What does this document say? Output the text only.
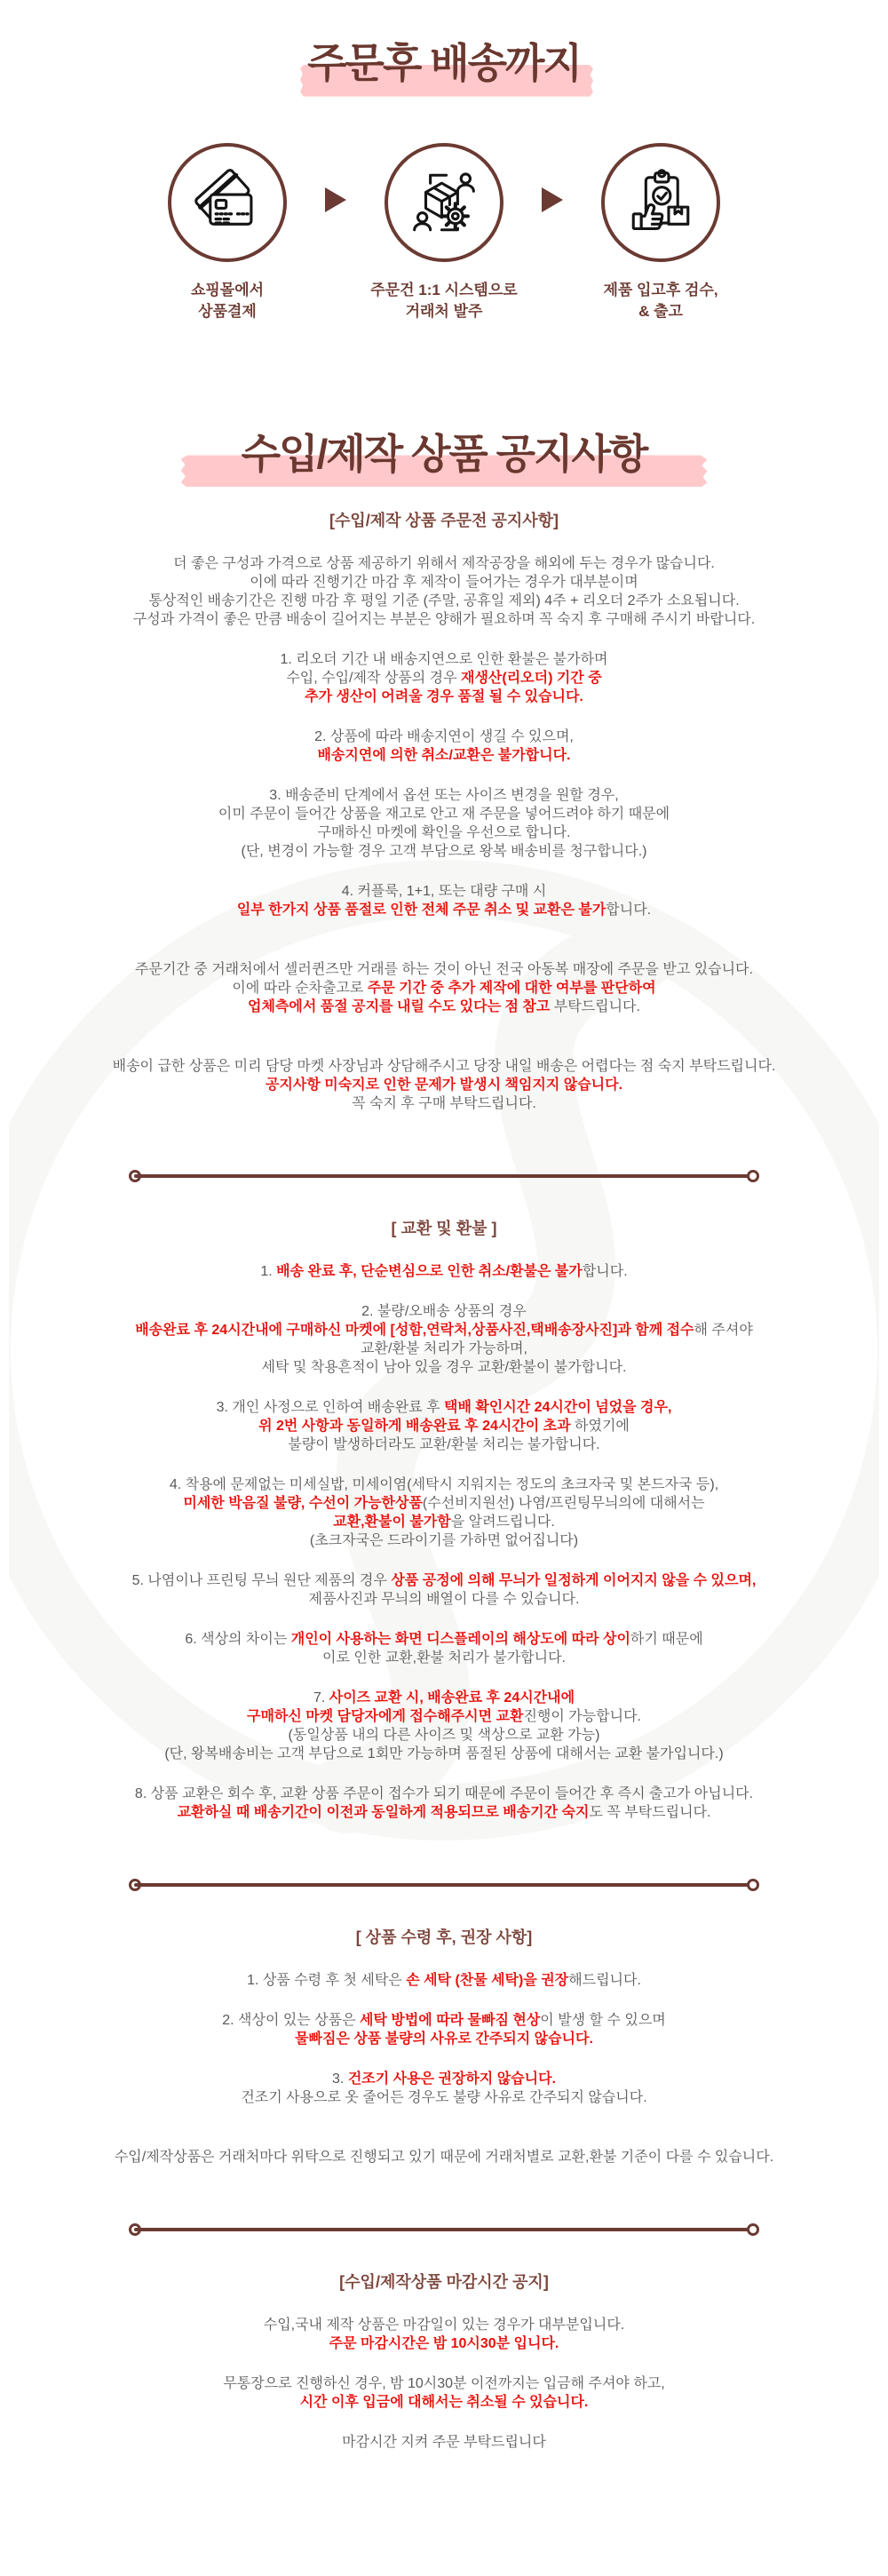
주문후 배송까지
쇼핑몰에서
상품결제
주문건 1:1 시스템으로
거래처 발주
제품 입고후 검수,
& 출고
수입/제작 상품 공지사항
[수입/제작 상품 주문전 공지사항]
더 좋은 구성과 가격으로 상품 제공하기 위해서 제작공장을 해외에 두는 경우가 많습니다.
이에 따라 진행기간 마감 후 제작이 들어가는 경우가 대부분이며
통상적인 배송기간은 진행 마감 후 평일 기준 (주말, 공휴일 제외) 4주 + 리오더 2주가 소요됩니다.
구성과 가격이 좋은 만큼 배송이 길어지는 부분은 양해가 필요하며 꼭 숙지 후 구매해 주시기 바랍니다.
1. 리오더 기간 내 배송지연으로 인한 환불은 불가하며
수입, 수입/제작 상품의 경우 재생산(리오더) 기간 중
추가 생산이 어려울 경우 품절 될 수 있습니다.
2. 상품에 따라 배송지연이 생길 수 있으며,
배송지연에 의한 취소/교환은 불가합니다.
3. 배송준비 단계에서 옵션 또는 사이즈 변경을 원할 경우,
이미 주문이 들어간 상품을 재고로 안고 재 주문을 넣어드려야 하기 때문에
구매하신 마켓에 확인을 우선으로 합니다.
(단, 변경이 가능할 경우 고객 부담으로 왕복 배송비를 청구합니다.)
4. 커플룩, 1+1, 또는 대량 구매 시
일부 한가지 상품 품절로 인한 전체 주문 취소 및 교환은 불가합니다.
주문기간 중 거래처에서 셀러퀸즈만 거래를 하는 것이 아닌 전국 아동복 매장에 주문을 받고 있습니다.
이에 따라 순차출고로 주문 기간 중 추가 제작에 대한 여부를 판단하여
업체측에서 품절 공지를 내릴 수도 있다는 점 참고 부탁드립니다.
배송이 급한 상품은 미리 담당 마켓 사장님과 상담해주시고 당장 내일 배송은 어렵다는 점 숙지 부탁드립니다.
공지사항 미숙지로 인한 문제가 발생시 책임지지 않습니다.
꼭 숙지 후 구매 부탁드립니다.
[ 교환 및 환불 ]
1. 배송 완료 후, 단순변심으로 인한 취소/환불은 불가합니다.
2. 불량/오배송 상품의 경우
배송완료 후 24시간내에 구매하신 마켓에 [성함,연락처,상품사진,택배송장사진]과 함께 접수해 주셔야
교환/환불 처리가 가능하며,
세탁 및 착용흔적이 남아 있을 경우 교환/환불이 불가합니다.
3. 개인 사정으로 인하여 배송완료 후 택배 확인시간 24시간이 넘었을 경우,
위 2번 사항과 동일하게 배송완료 후 24시간이 초과 하였기에
불량이 발생하더라도 교환/환불 처리는 불가합니다.
4. 착용에 문제없는 미세실밥, 미세이염(세탁시 지워지는 정도의 초크자국 및 본드자국 등),
미세한 박음질 불량, 수선이 가능한상품(수선비지원선) 나염/프린팅무늬의에 대해서는
교환,환불이 불가함을 알려드립니다.
(초크자국은 드라이기를 가하면 없어집니다)
5. 나염이나 프린팅 무늬 원단 제품의 경우 상품 공정에 의해 무늬가 일정하게 이어지지 않을 수 있으며,
제품사진과 무늬의 배열이 다를 수 있습니다.
6. 색상의 차이는 개인이 사용하는 화면 디스플레이의 해상도에 따라 상이하기 때문에
이로 인한 교환,환불 처리가 불가합니다.
7. 사이즈 교환 시, 배송완료 후 24시간내에
구매하신 마켓 담당자에게 접수해주시면 교환진행이 가능합니다.
(동일상품 내의 다른 사이즈 및 색상으로 교환 가능)
(단, 왕복배송비는 고객 부담으로 1회만 가능하며 품절된 상품에 대해서는 교환 불가입니다.)
8. 상품 교환은 회수 후, 교환 상품 주문이 접수가 되기 때문에 주문이 들어간 후 즉시 출고가 아닙니다.
교환하실 때 배송기간이 이전과 동일하게 적용되므로 배송기간 숙지도 꼭 부탁드립니다.
[ 상품 수령 후, 권장 사항]
1. 상품 수령 후 첫 세탁은 손 세탁 (찬물 세탁)을 권장해드립니다.
2. 색상이 있는 상품은 세탁 방법에 따라 물빠짐 현상이 발생 할 수 있으며
물빠짐은 상품 불량의 사유로 간주되지 않습니다.
3. 건조기 사용은 권장하지 않습니다.
건조기 사용으로 옷 줄어든 경우도 불량 사유로 간주되지 않습니다.
수입/제작상품은 거래처마다 위탁으로 진행되고 있기 때문에 거래처별로 교환,환불 기준이 다를 수 있습니다.
[수입/제작상품 마감시간 공지]
수입,국내 제작 상품은 마감일이 있는 경우가 대부분입니다.
주문 마감시간은 밤 10시30분 입니다.
무통장으로 진행하신 경우, 밤 10시30분 이전까지는 입금해 주셔야 하고,
시간 이후 입금에 대해서는 취소될 수 있습니다.
마감시간 지켜 주문 부탁드립니다
